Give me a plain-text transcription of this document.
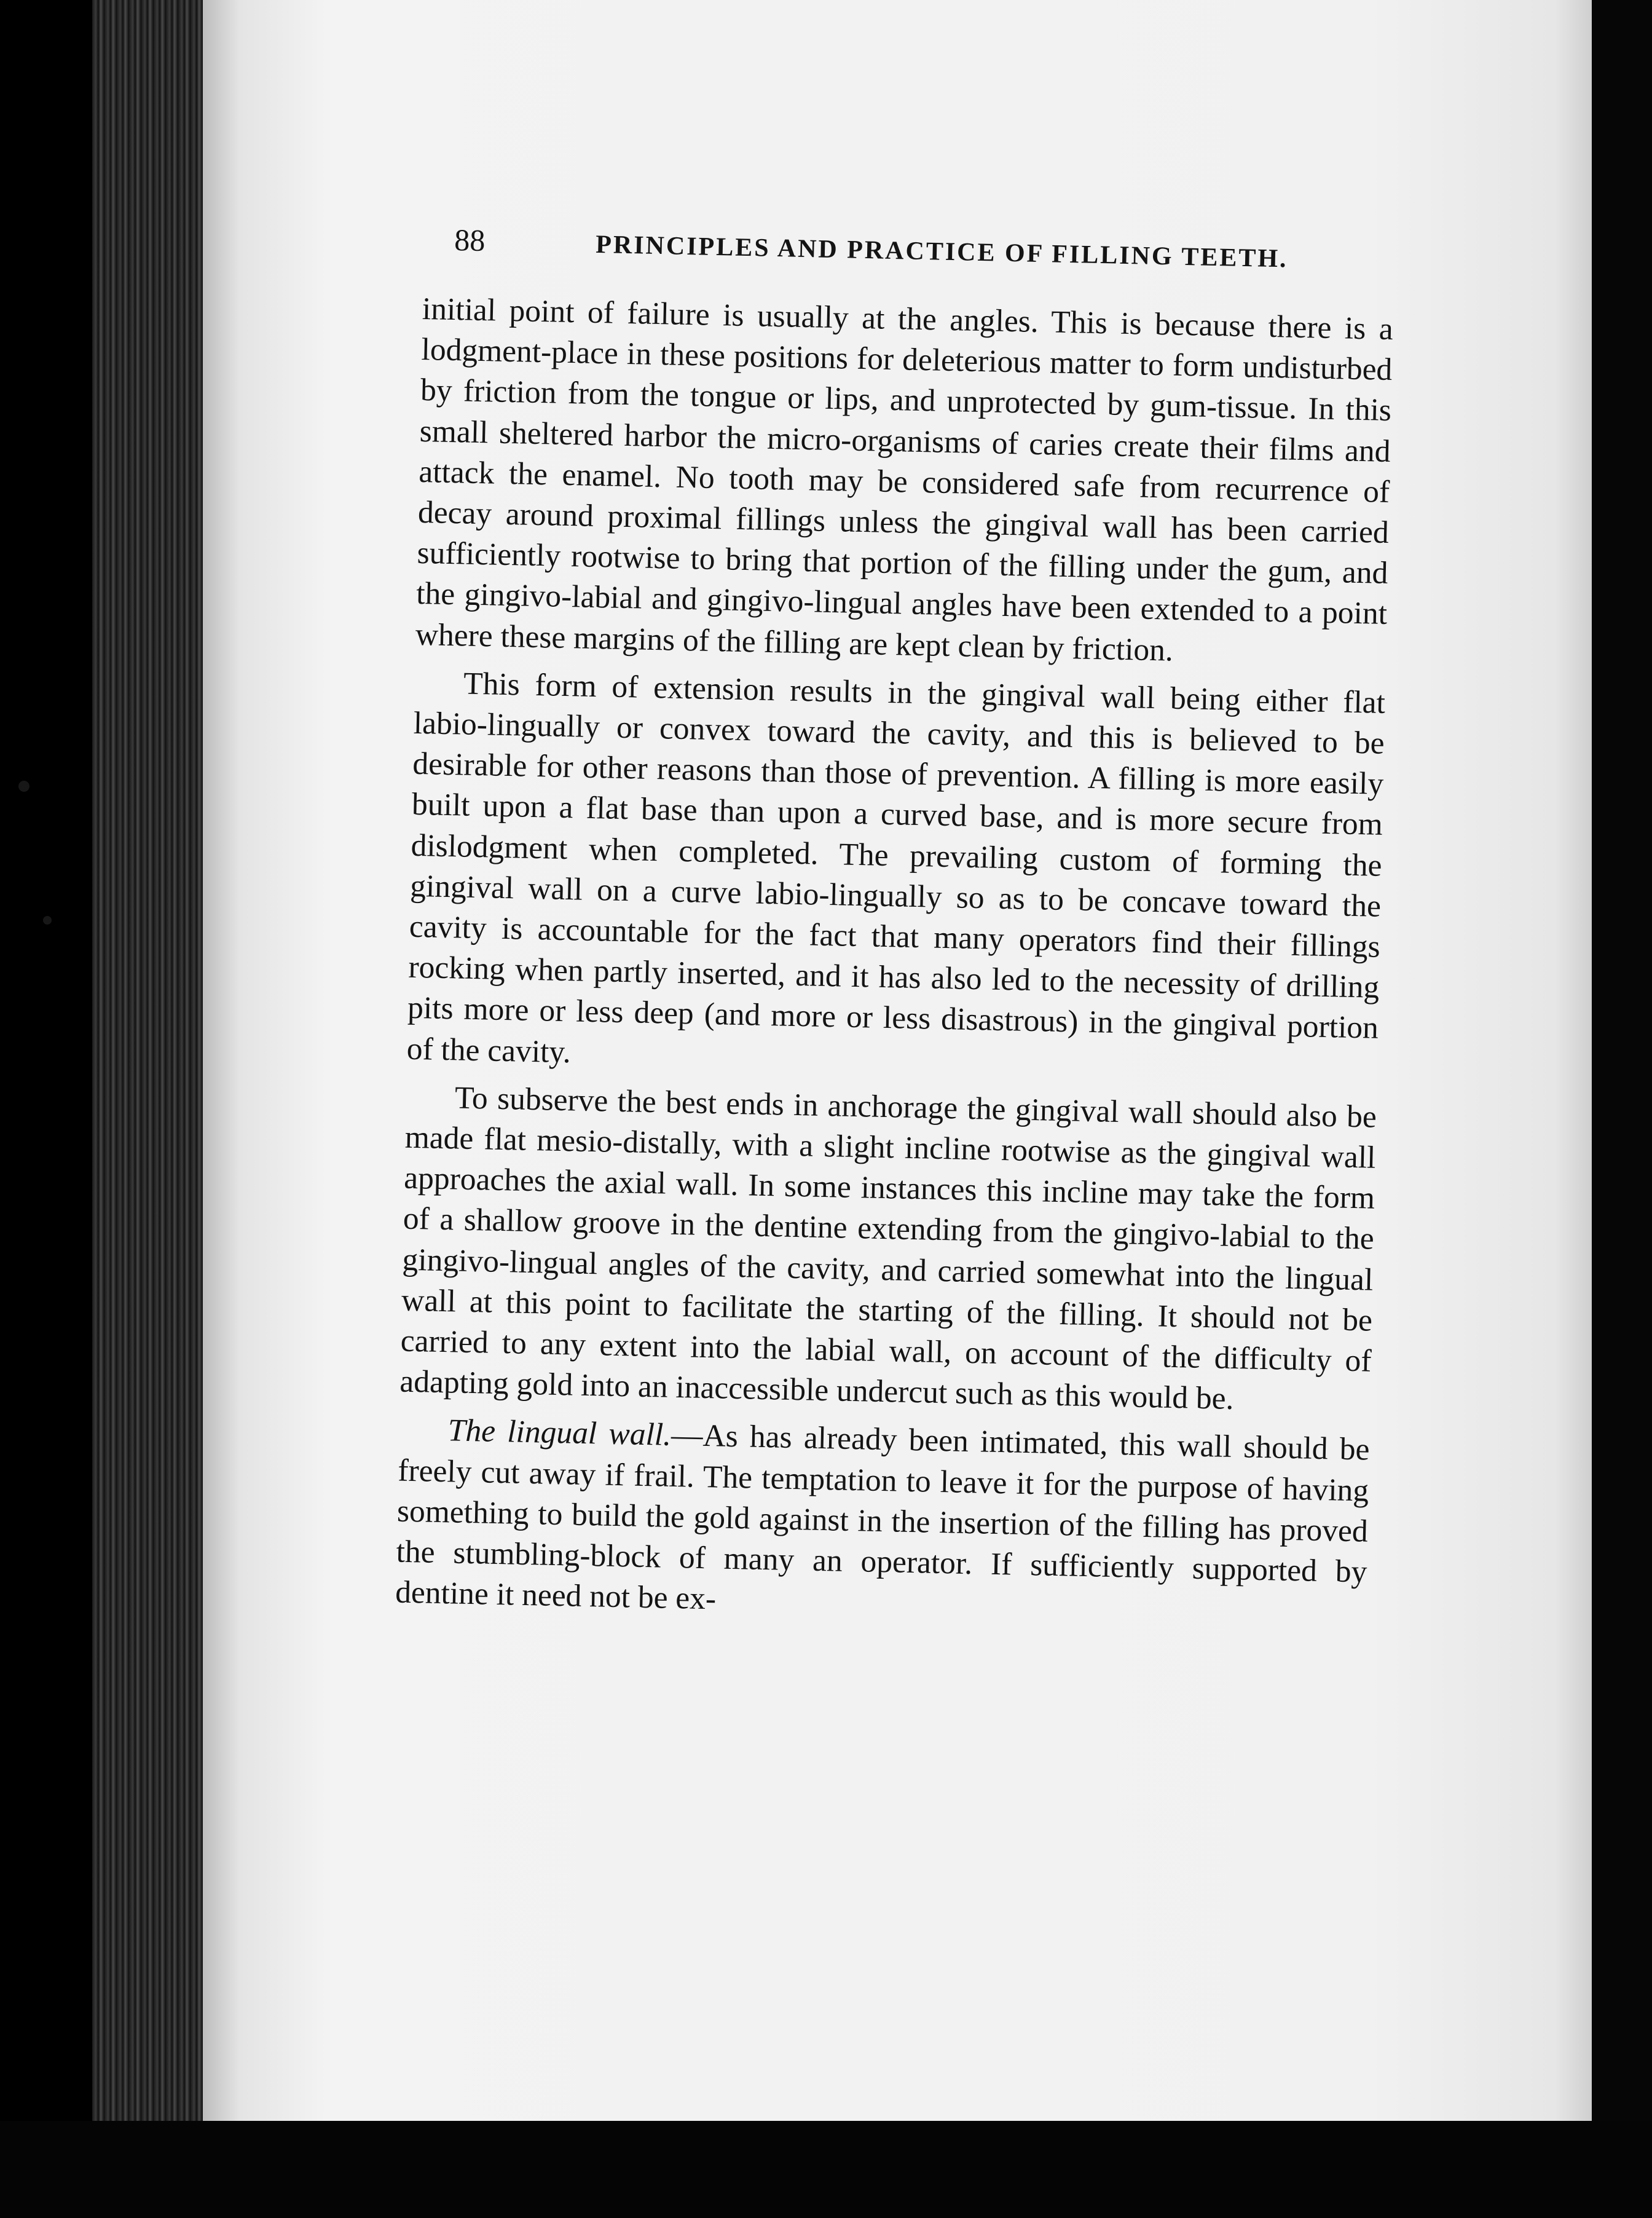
88	PRINCIPLES AND PRACTICE OF FILLING TEETH.

initial point of failure is usually at the angles. This is because there is a lodgment-place in these positions for deleterious matter to form undisturbed by friction from the tongue or lips, and unprotected by gum-tissue. In this small sheltered harbor the micro-organisms of caries create their films and attack the enamel. No tooth may be considered safe from recurrence of decay around proximal fillings unless the gingival wall has been carried sufficiently rootwise to bring that portion of the filling under the gum, and the gingivo-labial and gingivo-lingual angles have been extended to a point where these margins of the filling are kept clean by friction.

This form of extension results in the gingival wall being either flat labio-lingually or convex toward the cavity, and this is believed to be desirable for other reasons than those of prevention. A filling is more easily built upon a flat base than upon a curved base, and is more secure from dislodgment when completed. The prevailing custom of forming the gingival wall on a curve labio-lingually so as to be concave toward the cavity is accountable for the fact that many operators find their fillings rocking when partly inserted, and it has also led to the necessity of drilling pits more or less deep (and more or less disastrous) in the gingival portion of the cavity.

To subserve the best ends in anchorage the gingival wall should also be made flat mesio-distally, with a slight incline rootwise as the gingival wall approaches the axial wall. In some instances this incline may take the form of a shallow groove in the dentine extending from the gingivo-labial to the gingivo-lingual angles of the cavity, and carried somewhat into the lingual wall at this point to facilitate the starting of the filling. It should not be carried to any extent into the labial wall, on account of the difficulty of adapting gold into an inaccessible undercut such as this would be.

The lingual wall.—As has already been intimated, this wall should be freely cut away if frail. The temptation to leave it for the purpose of having something to build the gold against in the insertion of the filling has proved the stumbling-block of many an operator. If sufficiently supported by dentine it need not be ex-
